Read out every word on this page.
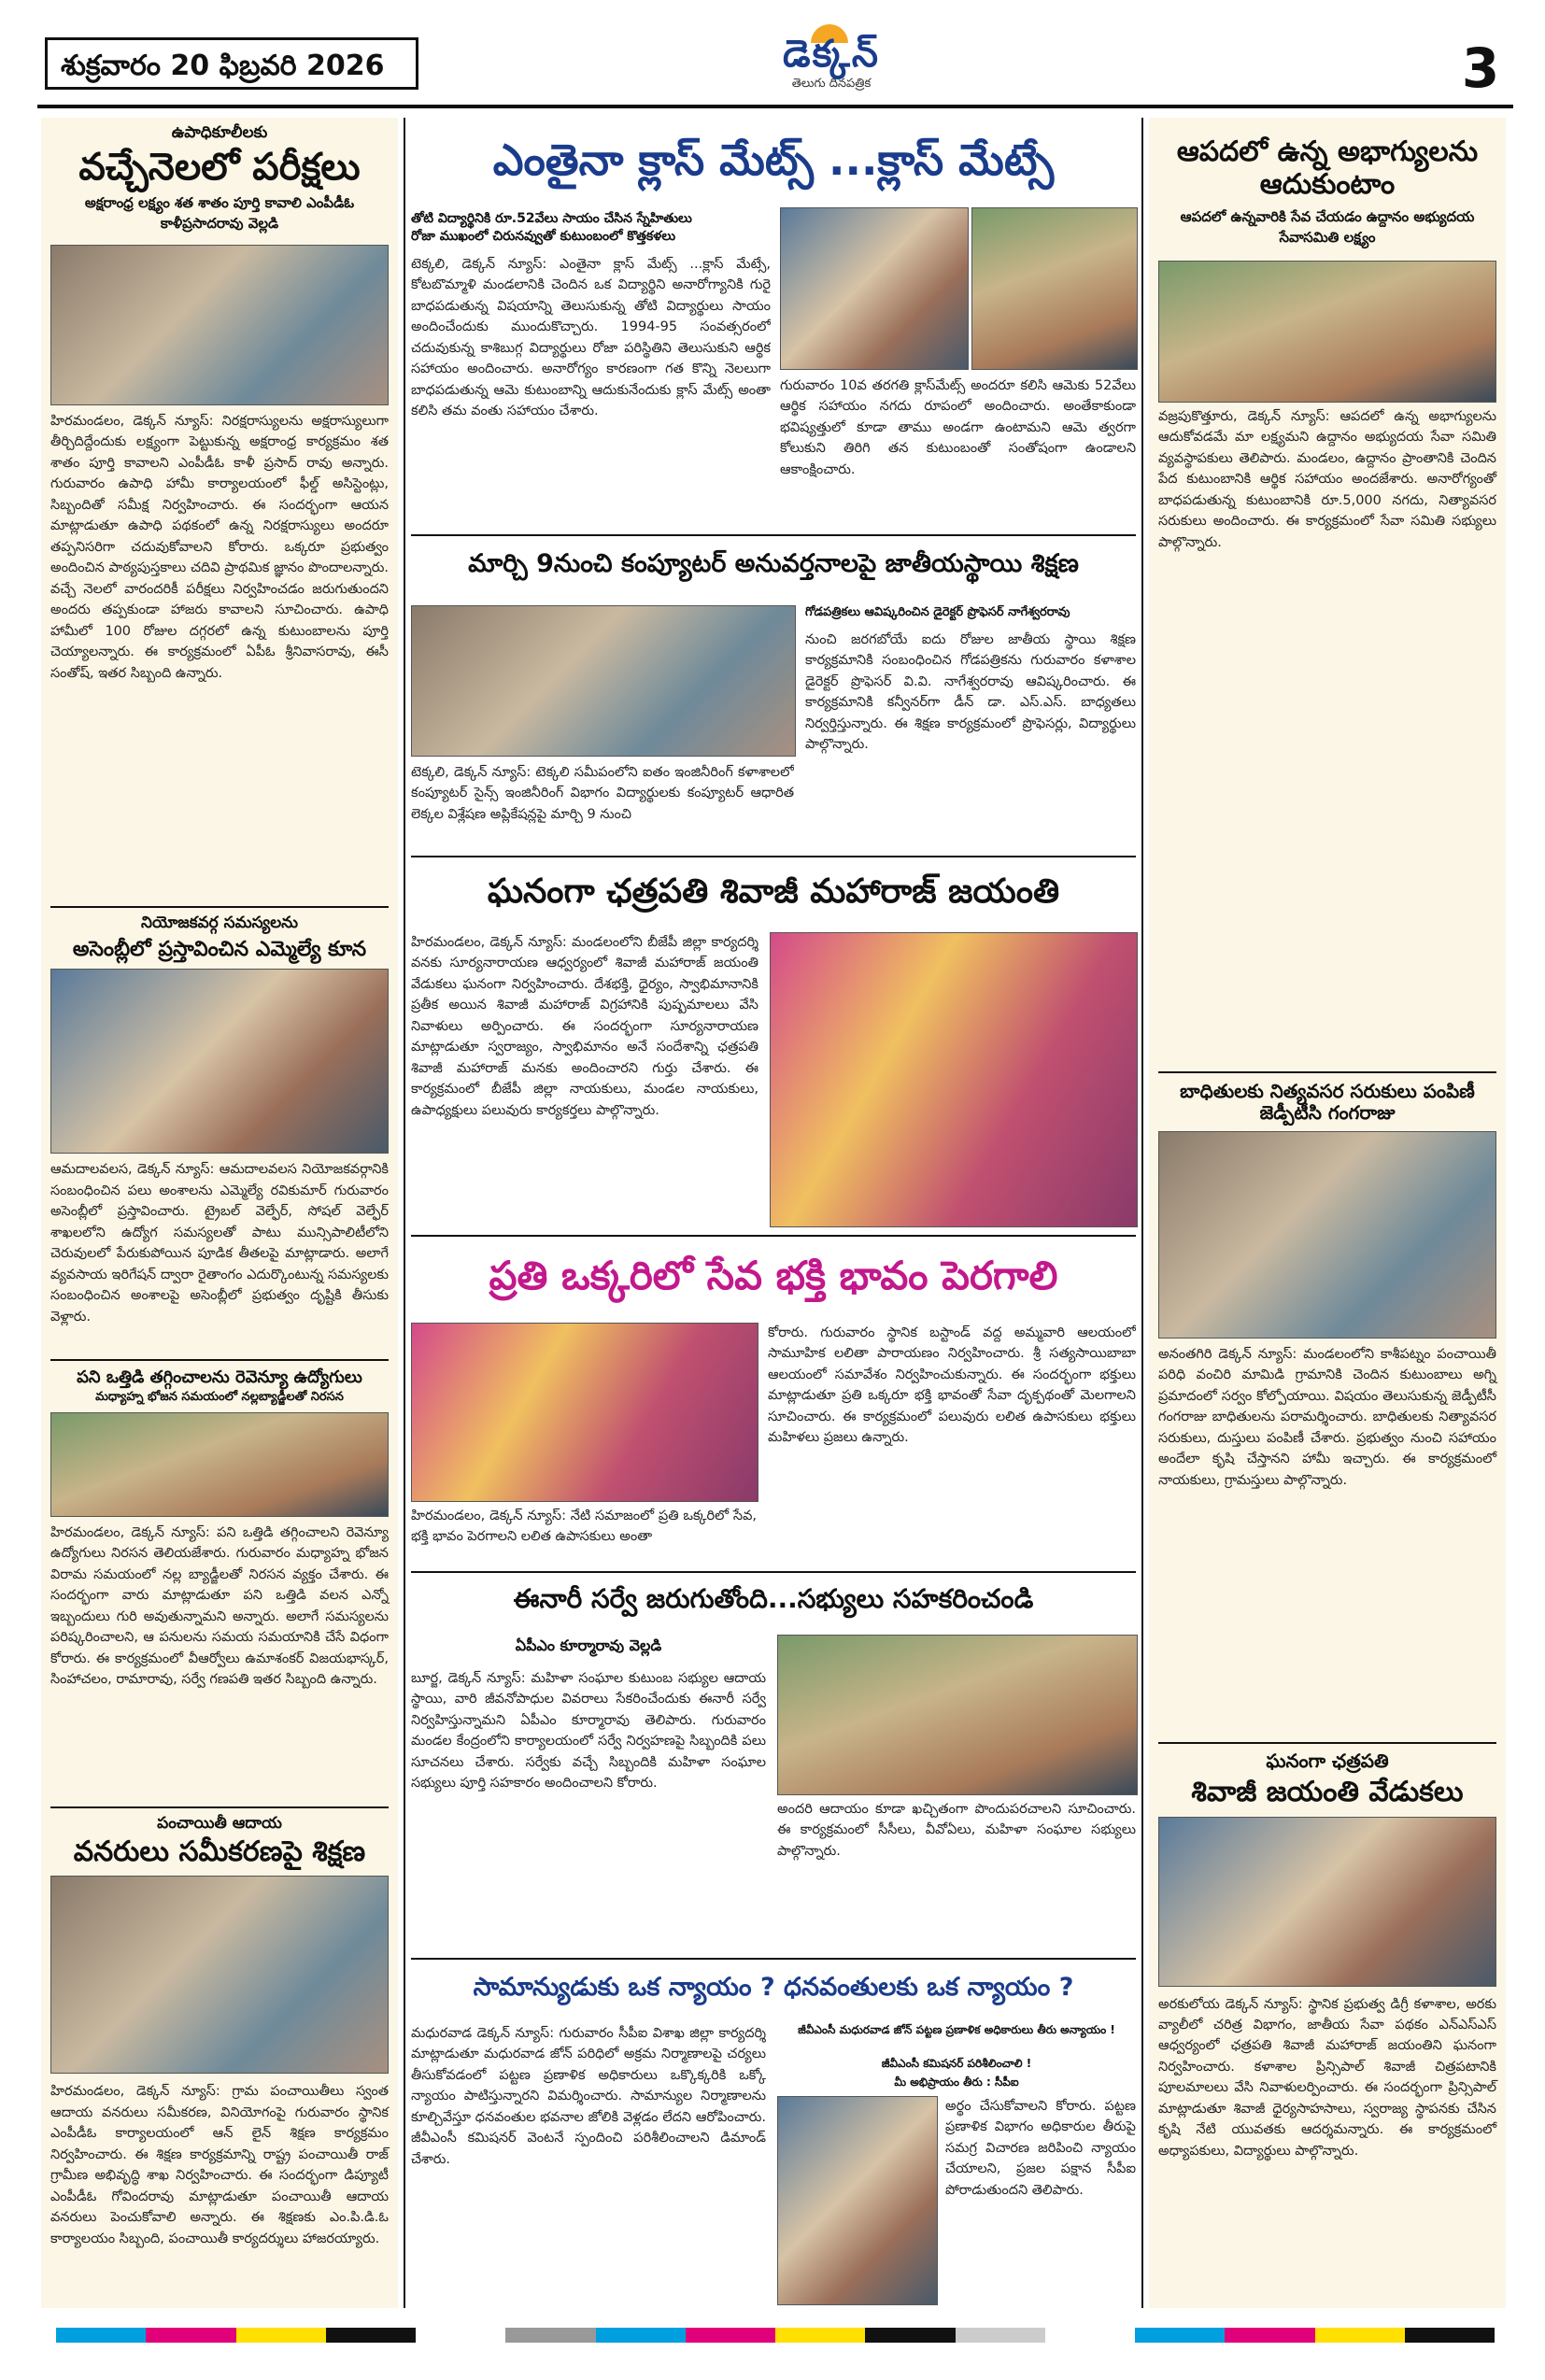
శుక్రవారం 20 ఫిబ్రవరి 2026	డెక్కన్
తెలుగు దినపత్రిక	3
ఉపాధికూలీలకు
వచ్చేనెలలో పరీక్షలు
అక్షరాంధ్ర లక్ష్యం శత శాతం పూర్తి కావాలి ఎంపీడీఓ కాళీప్రసాదరావు వెల్లడి
హిరమండలం, డెక్కన్ న్యూస్: నిరక్షరాస్యులను అక్షరాస్యులుగా తీర్చిదిద్దేందుకు లక్ష్యంగా పెట్టుకున్న అక్షరాంధ్ర కార్యక్రమం శత శాతం పూర్తి కావాలని ఎంపీడీఓ కాళీ ప్రసాద్ రావు అన్నారు. గురువారం ఉపాధి హామీ కార్యాలయంలో ఫీల్డ్ అసిస్టెంట్లు, సిబ్బందితో సమీక్ష నిర్వహించారు. ఈ సందర్భంగా ఆయన మాట్లాడుతూ ఉపాధి పథకంలో ఉన్న నిరక్షరాస్యులు అందరూ తప్పనిసరిగా చదువుకోవాలని కోరారు. ఒక్కరూ ప్రభుత్వం అందించిన పాఠ్యపుస్తకాలు చదివి ప్రాథమిక జ్ఞానం పొందాలన్నారు. వచ్చే నెలలో వారందరికీ పరీక్షలు నిర్వహించడం జరుగుతుందని అందరు తప్పకుండా హాజరు కావాలని సూచించారు. ఉపాధి హామీలో 100 రోజుల దగ్గరలో ఉన్న కుటుంబాలను పూర్తి చెయ్యాలన్నారు. ఈ కార్యక్రమంలో ఏపీఓ శ్రీనివాసరావు, ఈసీ సంతోష్, ఇతర సిబ్బంది ఉన్నారు.
నియోజకవర్గ సమస్యలను
అసెంబ్లీలో ప్రస్తావించిన ఎమ్మెల్యే కూన
ఆమదాలవలస, డెక్కన్ న్యూస్: ఆమదాలవలస నియోజకవర్గానికి సంబంధించిన పలు అంశాలను ఎమ్మెల్యే రవికుమార్ గురువారం అసెంబ్లీలో ప్రస్తావించారు. ట్రైబల్ వెల్ఫేర్, సోషల్ వెల్ఫేర్ శాఖలలోని ఉద్యోగ సమస్యలతో పాటు మున్సిపాలిటీలోని చెరువులలో పేరుకుపోయిన పూడిక తీతలపై మాట్లాడారు. అలాగే వ్యవసాయ ఇరిగేషన్ ద్వారా రైతాంగం ఎదుర్కొంటున్న సమస్యలకు సంబంధించిన అంశాలపై అసెంబ్లీలో ప్రభుత్వం దృష్టికి తీసుకు వెళ్లారు.
పని ఒత్తిడి తగ్గించాలను రెవెన్యూ ఉద్యోగులు
మధ్యాహ్న భోజన సమయంలో నల్లబ్యాడ్జీలతో నిరసన
హిరమండలం, డెక్కన్ న్యూస్: పని ఒత్తిడి తగ్గించాలని రెవెన్యూ ఉద్యోగులు నిరసన తెలియజేశారు. గురువారం మధ్యాహ్న భోజన విరామ సమయంలో నల్ల బ్యాడ్జీలతో నిరసన వ్యక్తం చేశారు. ఈ సందర్భంగా వారు మాట్లాడుతూ పని ఒత్తిడి వలన ఎన్నో ఇబ్బందులు గురి అవుతున్నామని అన్నారు. అలాగే సమస్యలను పరిష్కరించాలని, ఆ పనులను సమయ సమయానికి చేసే విధంగా కోరారు. ఈ కార్యక్రమంలో వీఆర్వోలు ఉమాశంకర్ విజయభాస్కర్, సింహాచలం, రామారావు, సర్వే గణపతి ఇతర సిబ్బంది ఉన్నారు.
పంచాయితీ ఆదాయ
వనరులు సమీకరణపై శిక్షణ
హిరమండలం, డెక్కన్ న్యూస్: గ్రామ పంచాయితీలు స్వంత ఆదాయ వనరులు సమీకరణ, వినియోగంపై గురువారం స్థానిక ఎంపీడీఓ కార్యాలయంలో ఆన్ లైన్ శిక్షణ కార్యక్రమం నిర్వహించారు. ఈ శిక్షణ కార్యక్రమాన్ని రాష్ట్ర పంచాయితీ రాజ్ గ్రామీణ అభివృద్ధి శాఖ నిర్వహించారు. ఈ సందర్భంగా డిప్యూటీ ఎంపీడీఓ గోవిందరావు మాట్లాడుతూ పంచాయితీ ఆదాయ వనరులు పెంచుకోవాలి అన్నారు. ఈ శిక్షణకు ఎం.పి.డి.ఓ కార్యాలయం సిబ్బంది, పంచాయితీ కార్యదర్శులు హాజరయ్యారు.
ఎంతైనా క్లాస్ మేట్స్ ...క్లాస్ మేట్సే
తోటి విద్యార్థినికి రూ.52వేలు సాయం చేసిన స్నేహితులు
రోజా ముఖంలో చిరునవ్వుతో కుటుంబంలో కొత్తకళలు
టెక్కలి, డెక్కన్ న్యూస్: ఎంతైనా క్లాస్ మేట్స్ ...క్లాస్ మేట్సే, కోటబొమ్మాళి మండలానికి చెందిన ఒక విద్యార్థిని అనారోగ్యానికి గురై బాధపడుతున్న విషయాన్ని తెలుసుకున్న తోటి విద్యార్థులు సాయం అందించేందుకు ముందుకొచ్చారు. 1994-95 సంవత్సరంలో చదువుకున్న కాశిబుగ్గ విద్యార్థులు రోజా పరిస్థితిని తెలుసుకుని ఆర్థిక సహాయం అందించారు. అనారోగ్యం కారణంగా గత కొన్ని నెలలుగా బాధపడుతున్న ఆమె కుటుంబాన్ని ఆదుకునేందుకు క్లాస్ మేట్స్ అంతా కలిసి తమ వంతు సహాయం చేశారు.
గురువారం 10వ తరగతి క్లాస్‌మేట్స్ అందరూ కలిసి ఆమెకు 52వేలు ఆర్థిక సహాయం నగదు రూపంలో అందించారు. అంతేకాకుండా భవిష్యత్తులో కూడా తాము అండగా ఉంటామని ఆమె త్వరగా కోలుకుని తిరిగి తన కుటుంబంతో సంతోషంగా ఉండాలని ఆకాంక్షించారు.
మార్చి 9నుంచి కంప్యూటర్ అనువర్తనాలపై జాతీయస్థాయి శిక్షణ
టెక్కలి, డెక్కన్ న్యూస్: టెక్కలి సమీపంలోని ఐతం ఇంజినీరింగ్ కళాశాలలో కంప్యూటర్ సైన్స్ ఇంజినీరింగ్ విభాగం విద్యార్థులకు కంప్యూటర్ ఆధారిత లెక్కల విశ్లేషణ అప్లికేషన్లపై మార్చి 9 నుంచి
గోడపత్రికలు ఆవిష్కరించిన డైరెక్టర్ ప్రొఫెసర్ నాగేశ్వరరావు
నుంచి జరగబోయే ఐదు రోజుల జాతీయ స్థాయి శిక్షణ కార్యక్రమానికి సంబంధించిన గోడపత్రికను గురువారం కళాశాల డైరెక్టర్ ప్రొఫెసర్ వి.వి. నాగేశ్వరరావు ఆవిష్కరించారు. ఈ కార్యక్రమానికి కన్వీనర్‌గా డీన్ డా. ఎస్.ఎస్. బాధ్యతలు నిర్వర్తిస్తున్నారు. ఈ శిక్షణ కార్యక్రమంలో ప్రొఫెసర్లు, విద్యార్థులు పాల్గొన్నారు.
ఘనంగా ఛత్రపతి శివాజీ మహారాజ్ జయంతి
హిరమండలం, డెక్కన్ న్యూస్: మండలంలోని బీజేపీ జిల్లా కార్యదర్శి వనకు సూర్యనారాయణ ఆధ్వర్యంలో శివాజీ మహారాజ్ జయంతి వేడుకలు ఘనంగా నిర్వహించారు. దేశభక్తి, ధైర్యం, స్వాభిమానానికి ప్రతీక అయిన శివాజీ మహారాజ్ విగ్రహానికి పుష్పమాలలు వేసి నివాళులు అర్పించారు. ఈ సందర్భంగా సూర్యనారాయణ మాట్లాడుతూ స్వరాజ్యం, స్వాభిమానం అనే సందేశాన్ని ఛత్రపతి శివాజీ మహారాజ్ మనకు అందించారని గుర్తు చేశారు. ఈ కార్యక్రమంలో బీజేపీ జిల్లా నాయకులు, మండల నాయకులు, ఉపాధ్యక్షులు పలువురు కార్యకర్తలు పాల్గొన్నారు.
ప్రతి ఒక్కరిలో సేవ భక్తి భావం పెరగాలి
హిరమండలం, డెక్కన్ న్యూస్: నేటి సమాజంలో ప్రతి ఒక్కరిలో సేవ, భక్తి భావం పెరగాలని లలిత ఉపాసకులు అంతా
కోరారు. గురువారం స్థానిక బస్టాండ్ వద్ద అమ్మవారి ఆలయంలో సామూహిక లలితా పారాయణం నిర్వహించారు. శ్రీ సత్యసాయిబాబా ఆలయంలో సమావేశం నిర్వహించుకున్నారు. ఈ సందర్భంగా భక్తులు మాట్లాడుతూ ప్రతి ఒక్కరూ భక్తి భావంతో సేవా దృక్పథంతో మెలగాలని సూచించారు. ఈ కార్యక్రమంలో పలువురు లలిత ఉపాసకులు భక్తులు మహిళలు ప్రజలు ఉన్నారు.
ఈనారీ సర్వే జరుగుతోంది...సభ్యులు సహకరించండి
ఏపీఎం కూర్మారావు వెల్లడి
బూర్జ, డెక్కన్ న్యూస్: మహిళా సంఘాల కుటుంబ సభ్యుల ఆదాయ స్థాయి, వారి జీవనోపాధుల వివరాలు సేకరించేందుకు ఈనారీ సర్వే నిర్వహిస్తున్నామని ఏపీఎం కూర్మారావు తెలిపారు. గురువారం మండల కేంద్రంలోని కార్యాలయంలో సర్వే నిర్వహణపై సిబ్బందికి పలు సూచనలు చేశారు. సర్వేకు వచ్చే సిబ్బందికి మహిళా సంఘాల సభ్యులు పూర్తి సహకారం అందించాలని కోరారు.
అందరి ఆదాయం కూడా ఖచ్చితంగా పొందుపరచాలని సూచించారు. ఈ కార్యక్రమంలో సీసీలు, వీవోఏలు, మహిళా సంఘాల సభ్యులు పాల్గొన్నారు.
సామాన్యుడుకు ఒక న్యాయం ? ధనవంతులకు ఒక న్యాయం ?
మధురవాడ డెక్కన్ న్యూస్: గురువారం సీపీఐ విశాఖ జిల్లా కార్యదర్శి మాట్లాడుతూ మధురవాడ జోన్ పరిధిలో అక్రమ నిర్మాణాలపై చర్యలు తీసుకోవడంలో పట్టణ ప్రణాళిక అధికారులు ఒక్కొక్కరికి ఒక్కో న్యాయం పాటిస్తున్నారని విమర్శించారు. సామాన్యుల నిర్మాణాలను కూల్చివేస్తూ ధనవంతుల భవనాల జోలికి వెళ్లడం లేదని ఆరోపించారు. జీవీఎంసీ కమిషనర్ వెంటనే స్పందించి పరిశీలించాలని డిమాండ్ చేశారు.
జీవీఎంసీ మధురవాడ జోన్ పట్టణ ప్రణాళిక అధికారులు తీరు అన్యాయం !
జీవీఎంసీ కమిషనర్ పరిశీలించాలి !
మీ అభిప్రాయం తీరు : సీపీఐ
అర్థం చేసుకోవాలని కోరారు. పట్టణ ప్రణాళిక విభాగం అధికారుల తీరుపై సమగ్ర విచారణ జరిపించి న్యాయం చేయాలని, ప్రజల పక్షాన సీపీఐ పోరాడుతుందని తెలిపారు.
ఆపదలో ఉన్న అభాగ్యులను ఆదుకుంటాం
ఆపదలో ఉన్నవారికి సేవ చేయడం ఉద్దానం అభ్యుదయ సేవాసమితి లక్ష్యం
వజ్రపుకొత్తూరు, డెక్కన్ న్యూస్: ఆపదలో ఉన్న అభాగ్యులను ఆదుకోవడమే మా లక్ష్యమని ఉద్దానం అభ్యుదయ సేవా సమితి వ్యవస్థాపకులు తెలిపారు. మండలం, ఉద్దానం ప్రాంతానికి చెందిన పేద కుటుంబానికి ఆర్థిక సహాయం అందజేశారు. అనారోగ్యంతో బాధపడుతున్న కుటుంబానికి రూ.5,000 నగదు, నిత్యావసర సరుకులు అందించారు. ఈ కార్యక్రమంలో సేవా సమితి సభ్యులు పాల్గొన్నారు.
బాధితులకు నిత్యవసర సరుకులు పంపిణీ జెడ్పీటీసి గంగరాజు
అనంతగిరి డెక్కన్ న్యూస్: మండలంలోని కాశీపట్నం పంచాయితీ పరిధి వంచిరి మామిడి గ్రామానికి చెందిన కుటుంబాలు అగ్ని ప్రమాదంలో సర్వం కోల్పోయాయి. విషయం తెలుసుకున్న జెడ్పీటీసీ గంగరాజు బాధితులను పరామర్శించారు. బాధితులకు నిత్యావసర సరుకులు, దుస్తులు పంపిణీ చేశారు. ప్రభుత్వం నుంచి సహాయం అందేలా కృషి చేస్తానని హామీ ఇచ్చారు. ఈ కార్యక్రమంలో నాయకులు, గ్రామస్తులు పాల్గొన్నారు.
ఘనంగా ఛత్రపతి
శివాజీ జయంతి వేడుకలు
అరకులోయ డెక్కన్ న్యూస్: స్థానిక ప్రభుత్వ డిగ్రీ కళాశాల, అరకు వ్యాలీలో చరిత్ర విభాగం, జాతీయ సేవా పథకం ఎన్ఎస్ఎస్ ఆధ్వర్యంలో ఛత్రపతి శివాజీ మహారాజ్ జయంతిని ఘనంగా నిర్వహించారు. కళాశాల ప్రిన్సిపాల్ శివాజీ చిత్రపటానికి పూలమాలలు వేసి నివాళులర్పించారు. ఈ సందర్భంగా ప్రిన్సిపాల్ మాట్లాడుతూ శివాజీ ధైర్యసాహసాలు, స్వరాజ్య స్థాపనకు చేసిన కృషి నేటి యువతకు ఆదర్శమన్నారు. ఈ కార్యక్రమంలో అధ్యాపకులు, విద్యార్థులు పాల్గొన్నారు.
